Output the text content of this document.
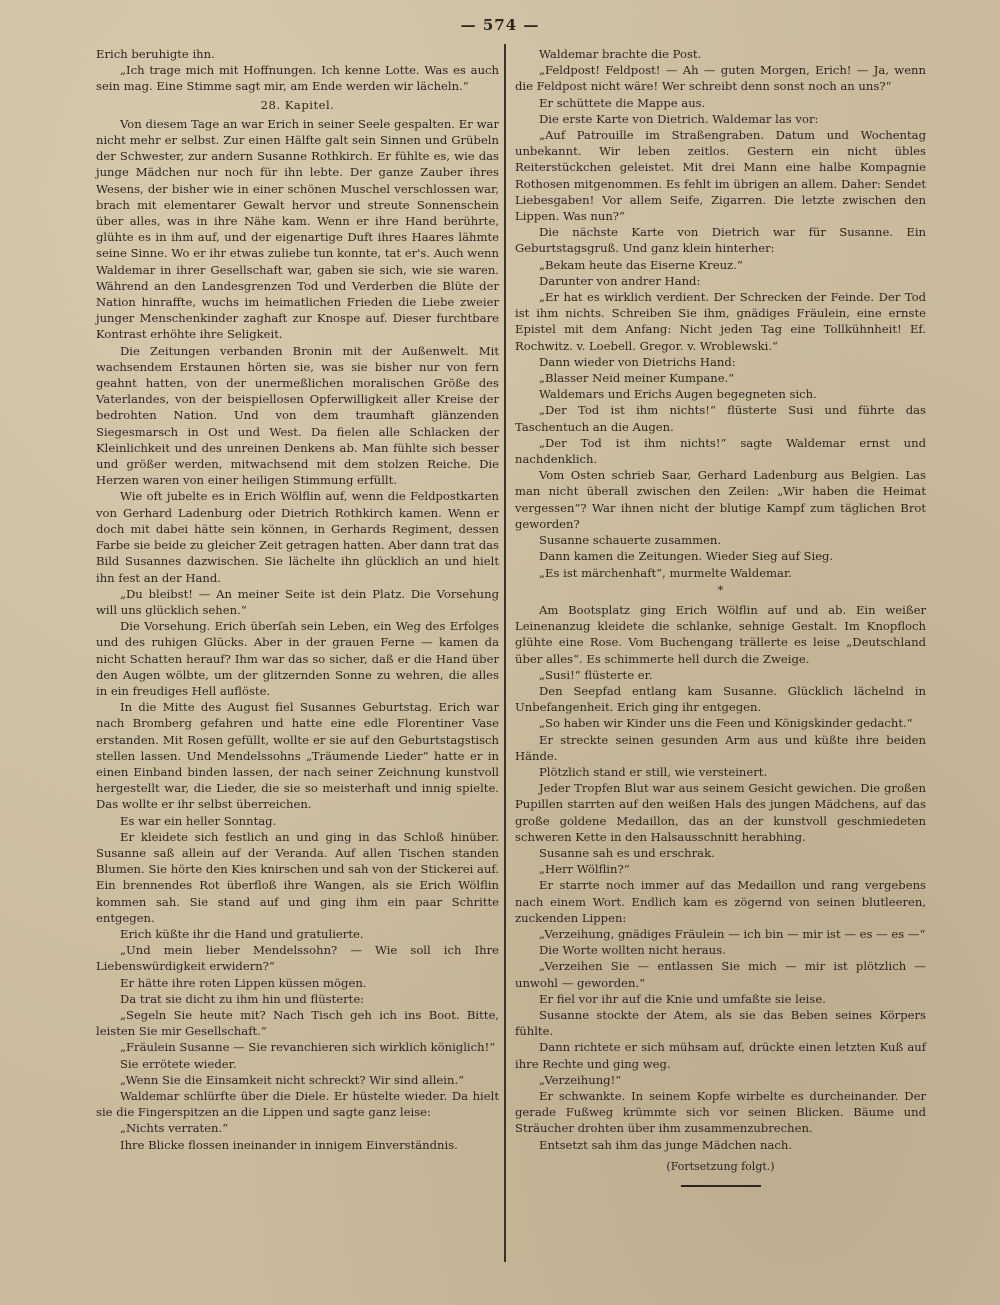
— 574 —

Erich beruhigte ihn.

„Ich trage mich mit Hoffnungen. Ich kenne Lotte. Was es auch sein mag. Eine Stimme sagt mir, am Ende werden wir lächeln.“

28. Kapitel.

Von diesem Tage an war Erich in seiner Seele gespalten. Er war nicht mehr er selbst. Zur einen Hälfte galt sein Sinnen und Grübeln der Schwester, zur andern Susanne Rothkirch. Er fühlte es, wie das junge Mädchen nur noch für ihn lebte. Der ganze Zauber ihres Wesens, der bisher wie in einer schönen Muschel verschlossen war, brach mit elementarer Gewalt hervor und streute Sonnenschein über alles, was in ihre Nähe kam. Wenn er ihre Hand berührte, glühte es in ihm auf, und der eigenartige Duft ihres Haares lähmte seine Sinne. Wo er ihr etwas zuliebe tun konnte, tat er's. Auch wenn Waldemar in ihrer Gesellschaft war, gaben sie sich, wie sie waren. Während an den Landesgrenzen Tod und Verderben die Blüte der Nation hinraffte, wuchs im heimatlichen Frieden die Liebe zweier junger Menschenkinder zaghaft zur Knospe auf. Dieser furchtbare Kontrast erhöhte ihre Seligkeit.

Die Zeitungen verbanden Bronin mit der Außenwelt. Mit wachsendem Erstaunen hörten sie, was sie bisher nur von fern geahnt hatten, von der unermeßlichen moralischen Größe des Vaterlandes, von der beispiellosen Opferwilligkeit aller Kreise der bedrohten Nation. Und von dem traumhaft glänzenden Siegesmarsch in Ost und West. Da fielen alle Schlacken der Kleinlichkeit und des unreinen Denkens ab. Man fühlte sich besser und größer werden, mitwachsend mit dem stolzen Reiche. Die Herzen waren von einer heiligen Stimmung erfüllt.

Wie oft jubelte es in Erich Wölflin auf, wenn die Feldpostkarten von Gerhard Ladenburg oder Dietrich Rothkirch kamen. Wenn er doch mit dabei hätte sein können, in Gerhards Regiment, dessen Farbe sie beide zu gleicher Zeit getragen hatten. Aber dann trat das Bild Susannes dazwischen. Sie lächelte ihn glücklich an und hielt ihn fest an der Hand.

„Du bleibst! — An meiner Seite ist dein Platz. Die Vorsehung will uns glücklich sehen.“

Die Vorsehung. Erich überſah sein Leben, ein Weg des Erfolges und des ruhigen Glücks. Aber in der grauen Ferne — kamen da nicht Schatten herauf? Ihm war das so sicher, daß er die Hand über den Augen wölbte, um der glitzernden Sonne zu wehren, die alles in ein freudiges Hell auflöste.

In die Mitte des August fiel Susannes Geburtstag. Erich war nach Bromberg gefahren und hatte eine edle Florentiner Vase erstanden. Mit Rosen gefüllt, wollte er sie auf den Geburtstagstisch stellen lassen. Und Mendelssohns „Träumende Lieder“ hatte er in einen Einband binden lassen, der nach seiner Zeichnung kunstvoll hergestellt war, die Lieder, die sie so meisterhaft und innig spielte. Das wollte er ihr selbst überreichen.

Es war ein heller Sonntag.

Er kleidete sich festlich an und ging in das Schloß hinüber. Susanne saß allein auf der Veranda. Auf allen Tischen standen Blumen. Sie hörte den Kies knirschen und sah von der Stickerei auf. Ein brennendes Rot überfloß ihre Wangen, als sie Erich Wölflin kommen sah. Sie stand auf und ging ihm ein paar Schritte entgegen.

Erich küßte ihr die Hand und gratulierte.

„Und mein lieber Mendelssohn? — Wie soll ich Ihre Liebenswürdigkeit erwidern?“

Er hätte ihre roten Lippen küssen mögen.

Da trat sie dicht zu ihm hin und flüsterte:

„Segeln Sie heute mit? Nach Tisch geh ich ins Boot. Bitte, leisten Sie mir Gesellschaft.“

„Fräulein Susanne — Sie revanchieren sich wirklich königlich!“

Sie errötete wieder.

„Wenn Sie die Einsamkeit nicht schreckt? Wir sind allein.“

Waldemar schlürfte über die Diele. Er hüstelte wieder. Da hielt sie die Fingerspitzen an die Lippen und sagte ganz leise:

„Nichts verraten.“

Ihre Blicke flossen ineinander in innigem Einverständnis.

Waldemar brachte die Post.

„Feldpost! Feldpost! — Ah — guten Morgen, Erich! — Ja, wenn die Feldpost nicht wäre! Wer schreibt denn sonst noch an uns?“

Er schüttete die Mappe aus.

Die erste Karte von Dietrich. Waldemar las vor:

„Auf Patrouille im Straßengraben. Datum und Wochentag unbekannt. Wir leben zeitlos. Gestern ein nicht übles Reiterstückchen geleistet. Mit drei Mann eine halbe Kompagnie Rothosen mitgenommen. Es fehlt im übrigen an allem. Daher: Sendet Liebesgaben! Vor allem Seife, Zigarren. Die letzte zwischen den Lippen. Was nun?“

Die nächste Karte von Dietrich war für Susanne. Ein Geburtstagsgruß. Und ganz klein hinterher:

„Bekam heute das Eiserne Kreuz.“

Darunter von andrer Hand:

„Er hat es wirklich verdient. Der Schrecken der Feinde. Der Tod ist ihm nichts. Schreiben Sie ihm, gnädiges Fräulein, eine ernste Epistel mit dem Anfang: Nicht jeden Tag eine Tollkühnheit! Ef. Rochwitz. v. Loebell. Gregor. v. Wroblewski.“

Dann wieder von Dietrichs Hand:

„Blasser Neid meiner Kumpane.“

Waldemars und Erichs Augen begegneten sich.

„Der Tod ist ihm nichts!“ flüsterte Susi und führte das Taschentuch an die Augen.

„Der Tod ist ihm nichts!“ sagte Waldemar ernst und nachdenklich.

Vom Osten schrieb Saar, Gerhard Ladenburg aus Belgien. Las man nicht überall zwischen den Zeilen: „Wir haben die Heimat vergessen“? War ihnen nicht der blutige Kampf zum täglichen Brot geworden?

Susanne schauerte zusammen.

Dann kamen die Zeitungen. Wieder Sieg auf Sieg.

„Es ist märchenhaft“, murmelte Waldemar.

*

Am Bootsplatz ging Erich Wölflin auf und ab. Ein weißer Leinenanzug kleidete die schlanke, sehnige Gestalt. Im Knopfloch glühte eine Rose. Vom Buchengang trällerte es leise „Deutschland über alles“. Es schimmerte hell durch die Zweige.

„Susi!“ flüsterte er.

Den Seepfad entlang kam Susanne. Glücklich lächelnd in Unbefangenheit. Erich ging ihr entgegen.

„So haben wir Kinder uns die Feen und Königskinder gedacht.“

Er streckte seinen gesunden Arm aus und küßte ihre beiden Hände.

Plötzlich stand er still, wie versteinert.

Jeder Tropfen Blut war aus seinem Gesicht gewichen. Die großen Pupillen starrten auf den weißen Hals des jungen Mädchens, auf das große goldene Medaillon, das an der kunstvoll geschmiedeten schweren Kette in den Halsausschnitt herabhing.

Susanne sah es und erschrak.

„Herr Wölflin?“

Er starrte noch immer auf das Medaillon und rang vergebens nach einem Wort. Endlich kam es zögernd von seinen blutleeren, zuckenden Lippen:

„Verzeihung, gnädiges Fräulein — ich bin — mir ist — es — es —“

Die Worte wollten nicht heraus.

„Verzeihen Sie — entlassen Sie mich — mir ist plötzlich — unwohl — geworden.“

Er fiel vor ihr auf die Knie und umfaßte sie leise.

Susanne stockte der Atem, als sie das Beben seines Körpers fühlte.

Dann richtete er sich mühsam auf, drückte einen letzten Kuß auf ihre Rechte und ging weg.

„Verzeihung!“

Er schwankte. In seinem Kopfe wirbelte es durcheinander. Der gerade Fußweg krümmte sich vor seinen Blicken. Bäume und Sträucher drohten über ihm zusammenzubrechen.

Entsetzt sah ihm das junge Mädchen nach.

(Fortsetzung folgt.)
